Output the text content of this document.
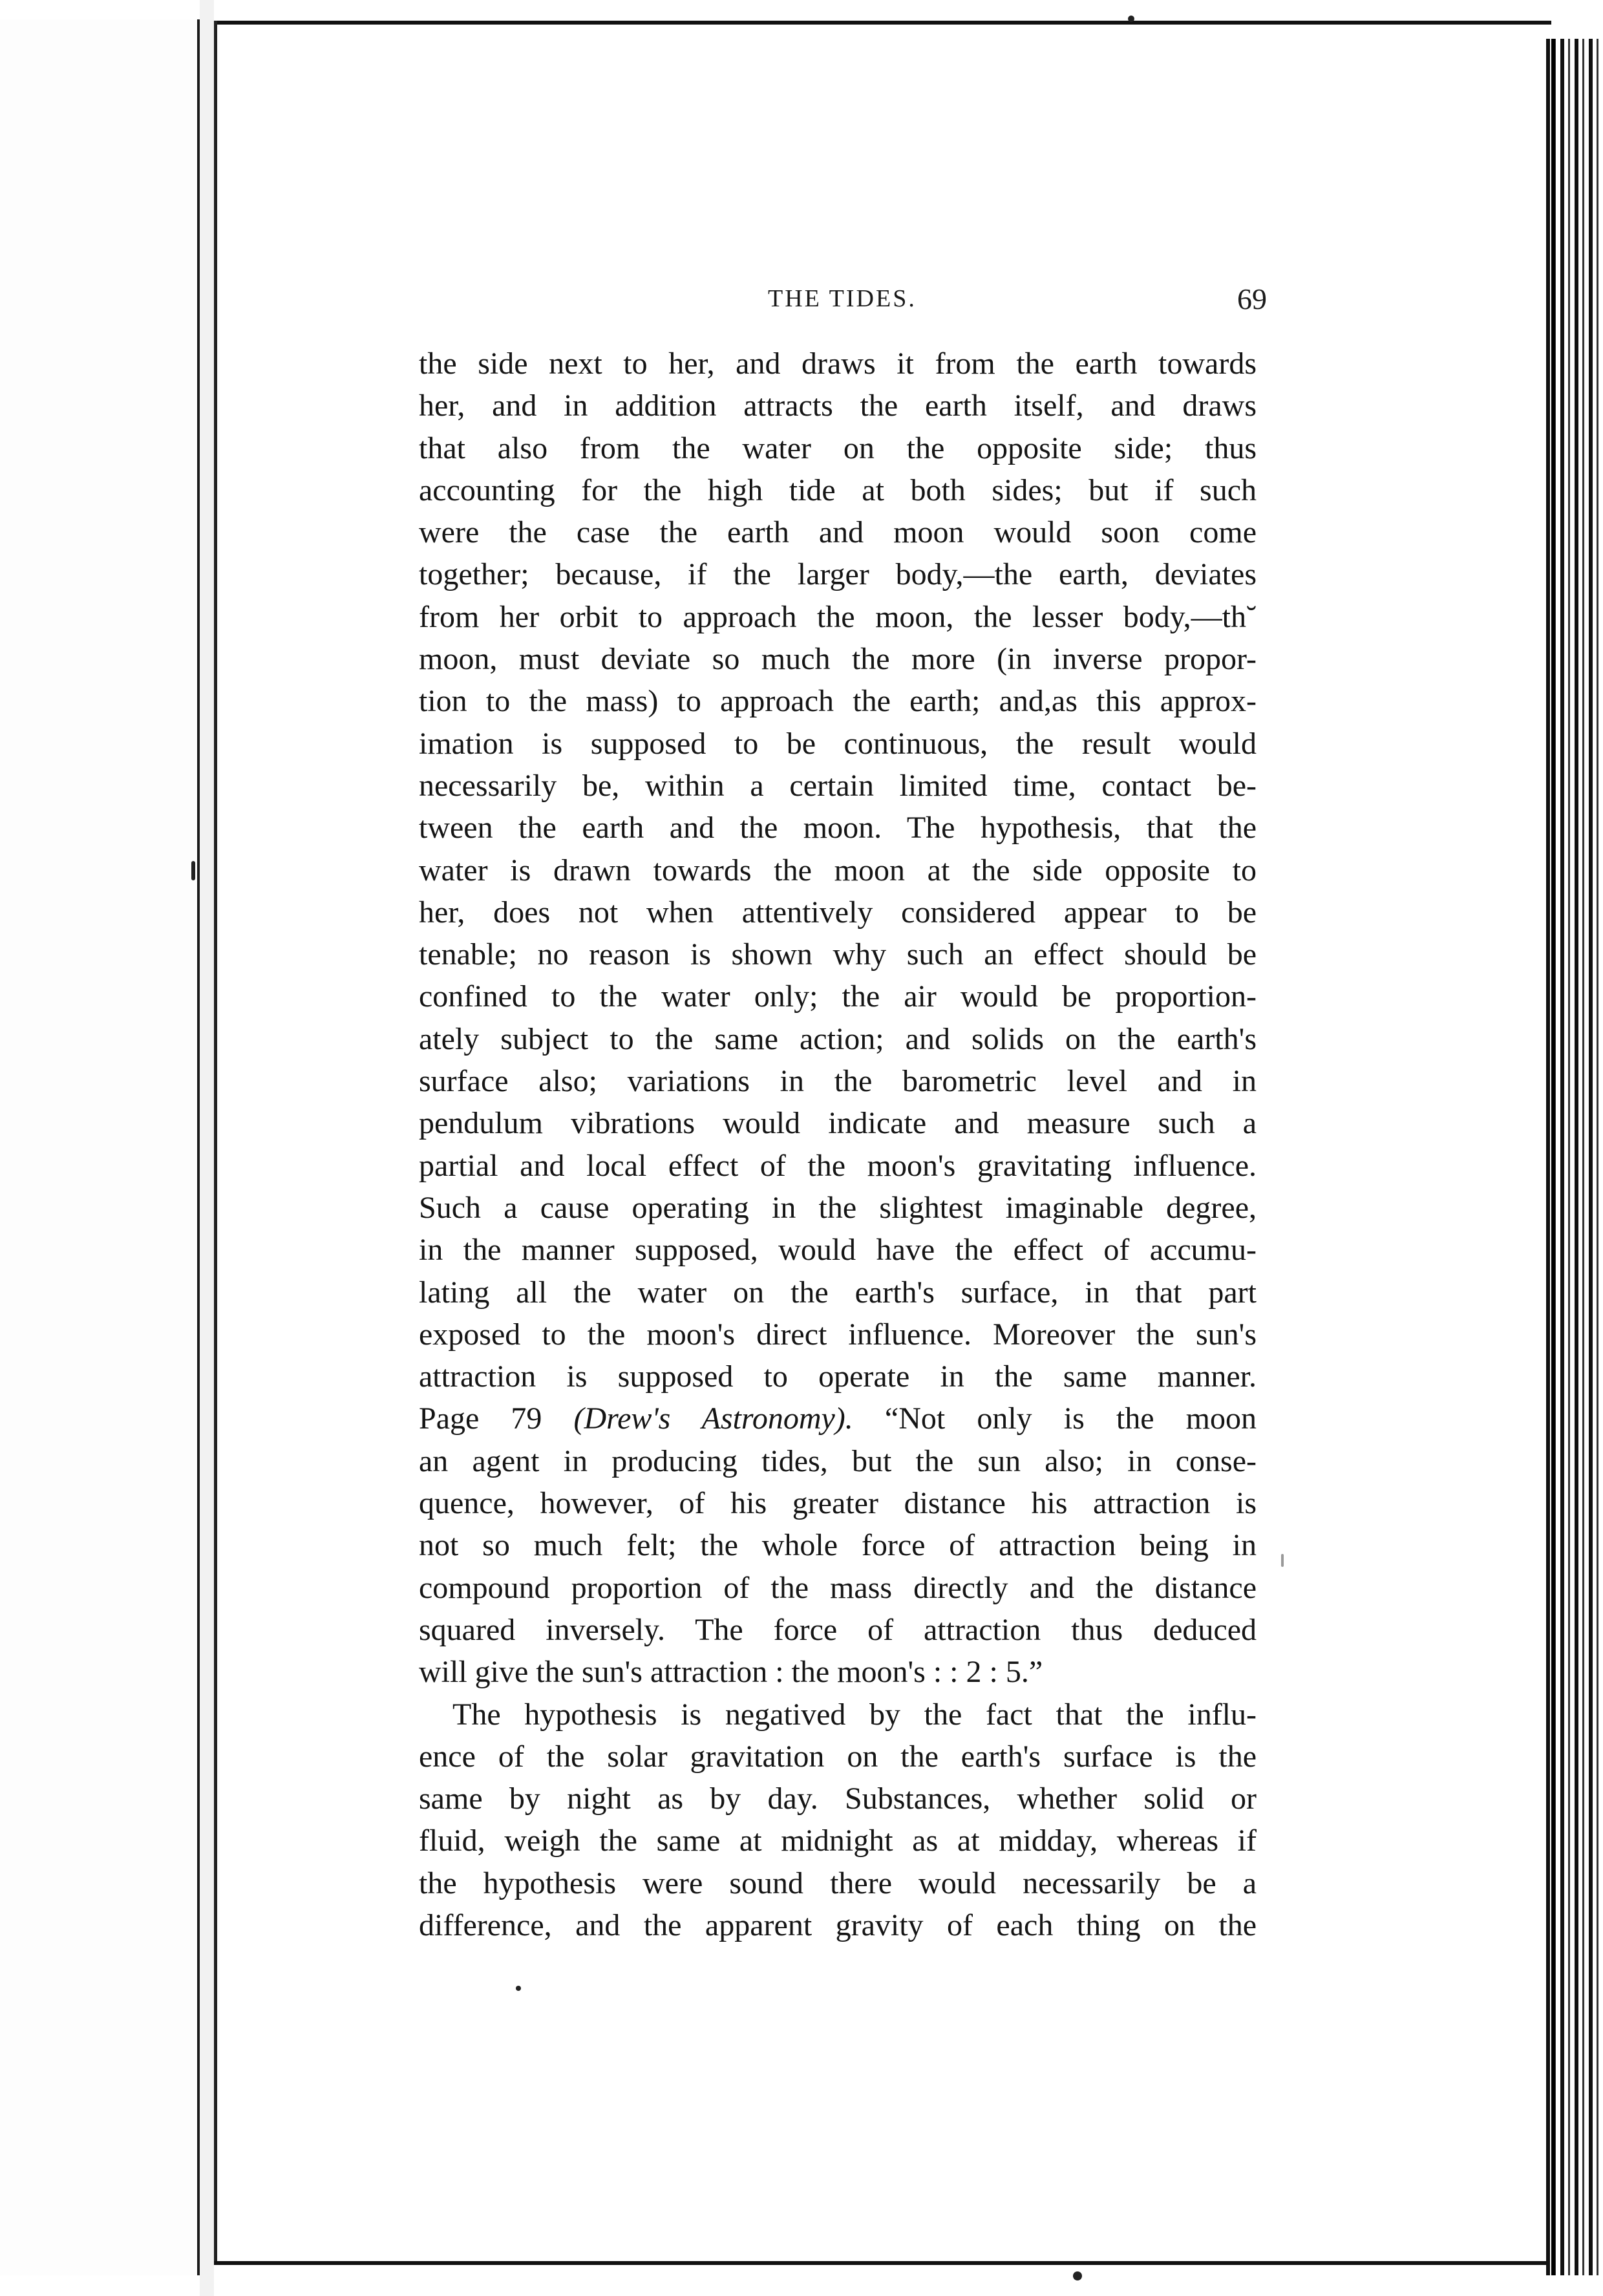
THE TIDES.	69
the side next to her, and draws it from the earth towards
her, and in addition attracts the earth itself, and draws
that also from the water on the opposite side; thus
accounting for the high tide at both sides; but if such
were the case the earth and moon would soon come
together; because, if the larger body,—the earth, deviates
from her orbit to approach the moon, the lesser body,—th˘
moon, must deviate so much the more (in inverse propor-
tion to the mass) to approach the earth; and,as this approx-
imation is supposed to be continuous, the result would
necessarily be, within a certain limited time, contact be-
tween the earth and the moon. The hypothesis, that the
water is drawn towards the moon at the side opposite to
her, does not when attentively considered appear to be
tenable; no reason is shown why such an effect should be
confined to the water only; the air would be proportion-
ately subject to the same action; and solids on the earth's
surface also; variations in the barometric level and in
pendulum vibrations would indicate and measure such a
partial and local effect of the moon's gravitating influence.
Such a cause operating in the slightest imaginable degree,
in the manner supposed, would have the effect of accumu-
lating all the water on the earth's surface, in that part
exposed to the moon's direct influence. Moreover the sun's
attraction is supposed to operate in the same manner.
Page 79 (Drew's Astronomy). “Not only is the moon
an agent in producing tides, but the sun also; in conse-
quence, however, of his greater distance his attraction is
not so much felt; the whole force of attraction being in
compound proportion of the mass directly and the distance
squared inversely. The force of attraction thus deduced
will give the sun's attraction : the moon's : : 2 : 5.”
The hypothesis is negatived by the fact that the influ-
ence of the solar gravitation on the earth's surface is the
same by night as by day. Substances, whether solid or
fluid, weigh the same at midnight as at midday, whereas if
the hypothesis were sound there would necessarily be a
difference, and the apparent gravity of each thing on the
